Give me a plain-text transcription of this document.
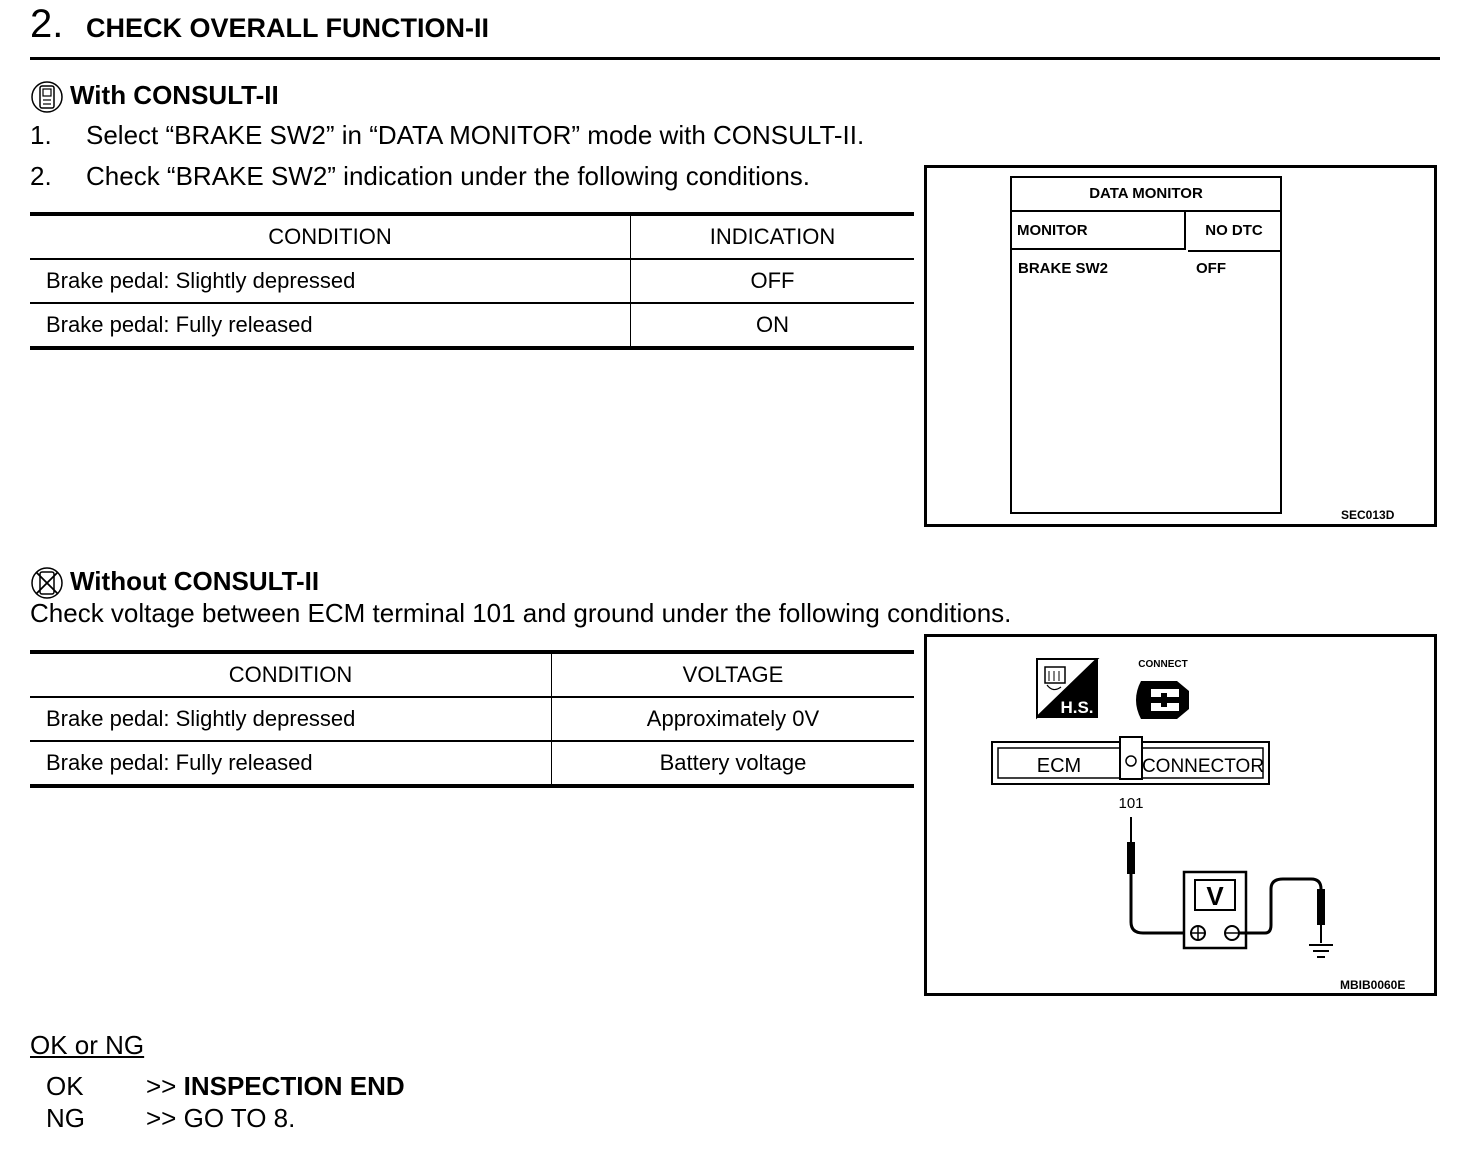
2. CHECK OVERALL FUNCTION-II
With CONSULT-II
1. Select “BRAKE SW2” in “DATA MONITOR” mode with CONSULT-II.
2. Check “BRAKE SW2” indication under the following conditions.
CONDITION	INDICATION
Brake pedal: Slightly depressed	OFF
Brake pedal: Fully released	ON
DATA MONITOR
MONITOR	NO DTC
BRAKE SW2	OFF
SEC013D
Without CONSULT-II
Check voltage between ECM terminal 101 and ground under the following conditions.
CONDITION	VOLTAGE
Brake pedal: Slightly depressed	Approximately 0V
Brake pedal: Fully released	Battery voltage
H.S.
CONNECT
ECM	CONNECTOR
101
V
MBIB0060E
OK or NG
OK >> INSPECTION END
NG >> GO TO 8.
